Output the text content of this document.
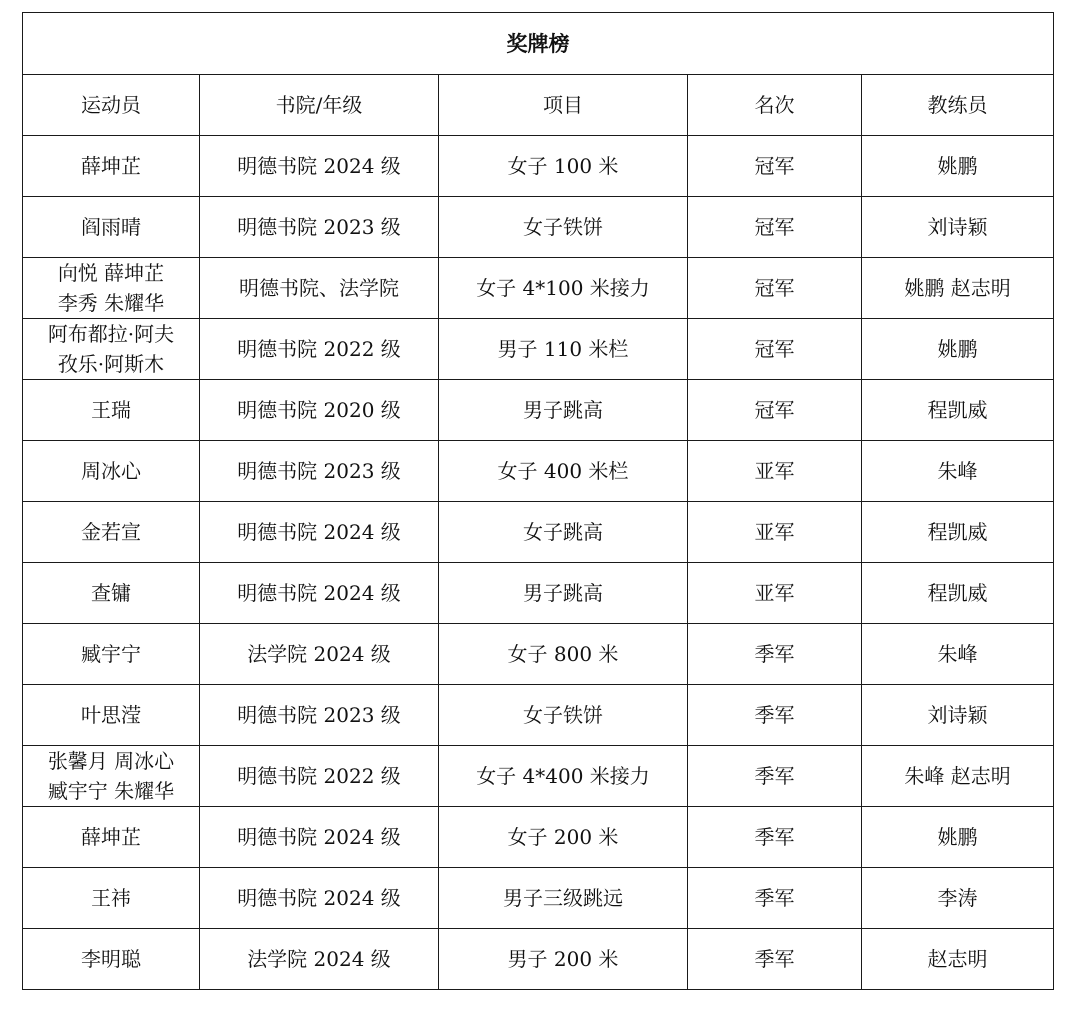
奖牌榜				
运动员	书院/年级	项目	名次	教练员

薛坤芷	明德书院 2024 级	女子 100 米	冠军	姚鹏

阎雨晴	明德书院 2023 级	女子铁饼	冠军	刘诗颖

向悦 薛坤芷
李秀 朱耀华	明德书院、法学院	女子 4*100 米接力	冠军	姚鹏 赵志明

阿布都拉·阿夫
孜乐·阿斯木	明德书院 2022 级	男子 110 米栏	冠军	姚鹏

王瑞	明德书院 2020 级	男子跳高	冠军	程凯威

周冰心	明德书院 2023 级	女子 400 米栏	亚军	朱峰

金若宣	明德书院 2024 级	女子跳高	亚军	程凯威

查镛	明德书院 2024 级	男子跳高	亚军	程凯威

臧宇宁	法学院 2024 级	女子 800 米	季军	朱峰

叶思滢	明德书院 2023 级	女子铁饼	季军	刘诗颖

张馨月 周冰心
臧宇宁 朱耀华	明德书院 2022 级	女子 4*400 米接力	季军	朱峰 赵志明

薛坤芷	明德书院 2024 级	女子 200 米	季军	姚鹏

王祎	明德书院 2024 级	男子三级跳远	季军	李涛

李明聪	法学院 2024 级	男子 200 米	季军	赵志明
